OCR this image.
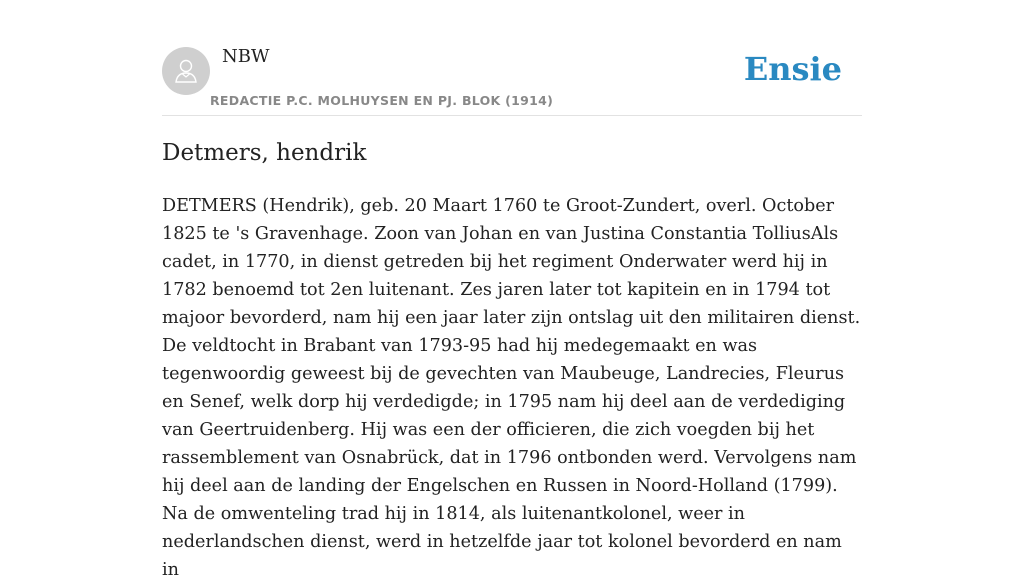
NBW
REDACTIE P.C. MOLHUYSEN EN PJ. BLOK (1914)
Ensie
Detmers, hendrik

DETMERS (Hendrik), geb. 20 Maart 1760 te Groot-Zundert, overl. October 1825 te 's Gravenhage. Zoon van Johan en van Justina Constantia TolliusAls cadet, in 1770, in dienst getreden bij het regiment Onderwater werd hij in 1782 benoemd tot 2en luitenant. Zes jaren later tot kapitein en in 1794 tot majoor bevorderd, nam hij een jaar later zijn ontslag uit den militairen dienst. De veldtocht in Brabant van 1793-95 had hij medegemaakt en was tegenwoordig geweest bij de gevechten van Maubeuge, Landrecies, Fleurus en Senef, welk dorp hij verdedigde; in 1795 nam hij deel aan de verdediging van Geertruidenberg. Hij was een der officieren, die zich voegden bij het rassemblement van Osnabrück, dat in 1796 ontbonden werd. Vervolgens nam hij deel aan de landing der Engelschen en Russen in Noord-Holland (1799). Na de omwenteling trad hij in 1814, als luitenantkolonel, weer in nederlandschen dienst, werd in hetzelfde jaar tot kolonel bevorderd en nam in
